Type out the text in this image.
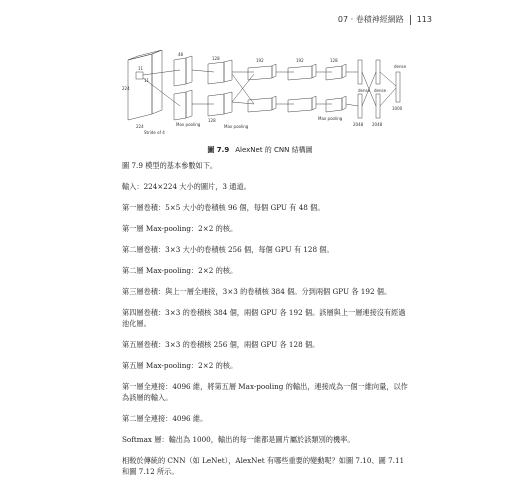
07 · 卷積神經網路 113
224
224
11
11
Stride of 4
48
Max pooling
128
128
Max pooling
192	192	128
Max pooling
2048 2048
dense dense
dense
1000
圖 7.9 AlexNet 的 CNN 結構圖

圖 7.9 模型的基本參數如下。

輸入：224×224 大小的圖片，3 通道。

第一層卷積：5×5 大小的卷積核 96 個，每個 GPU 有 48 個。

第一層 Max-pooling：2×2 的核。

第二層卷積：3×3 大小的卷積核 256 個，每個 GPU 有 128 個。

第二層 Max-pooling：2×2 的核。

第三層卷積：與上一層全連接，3×3 的卷積核 384 個。分到兩個 GPU 各 192 個。

第四層卷積：3×3 的卷積核 384 個，兩個 GPU 各 192 個。該層與上一層連接沒有經過池化層。

第五層卷積：3×3 的卷積核 256 個，兩個 GPU 各 128 個。

第五層 Max-pooling：2×2 的核。

第一層全連接：4096 維，將第五層 Max-pooling 的輸出，連接成為一個一維向量，以作為該層的輸入。

第二層全連接：4096 維。

Softmax 層：輸出為 1000，輸出的每一維都是圖片屬於該類別的機率。

相較於傳統的 CNN（如 LeNet），AlexNet 有哪些重要的變動呢？如圖 7.10、圖 7.11 和圖 7.12 所示。
